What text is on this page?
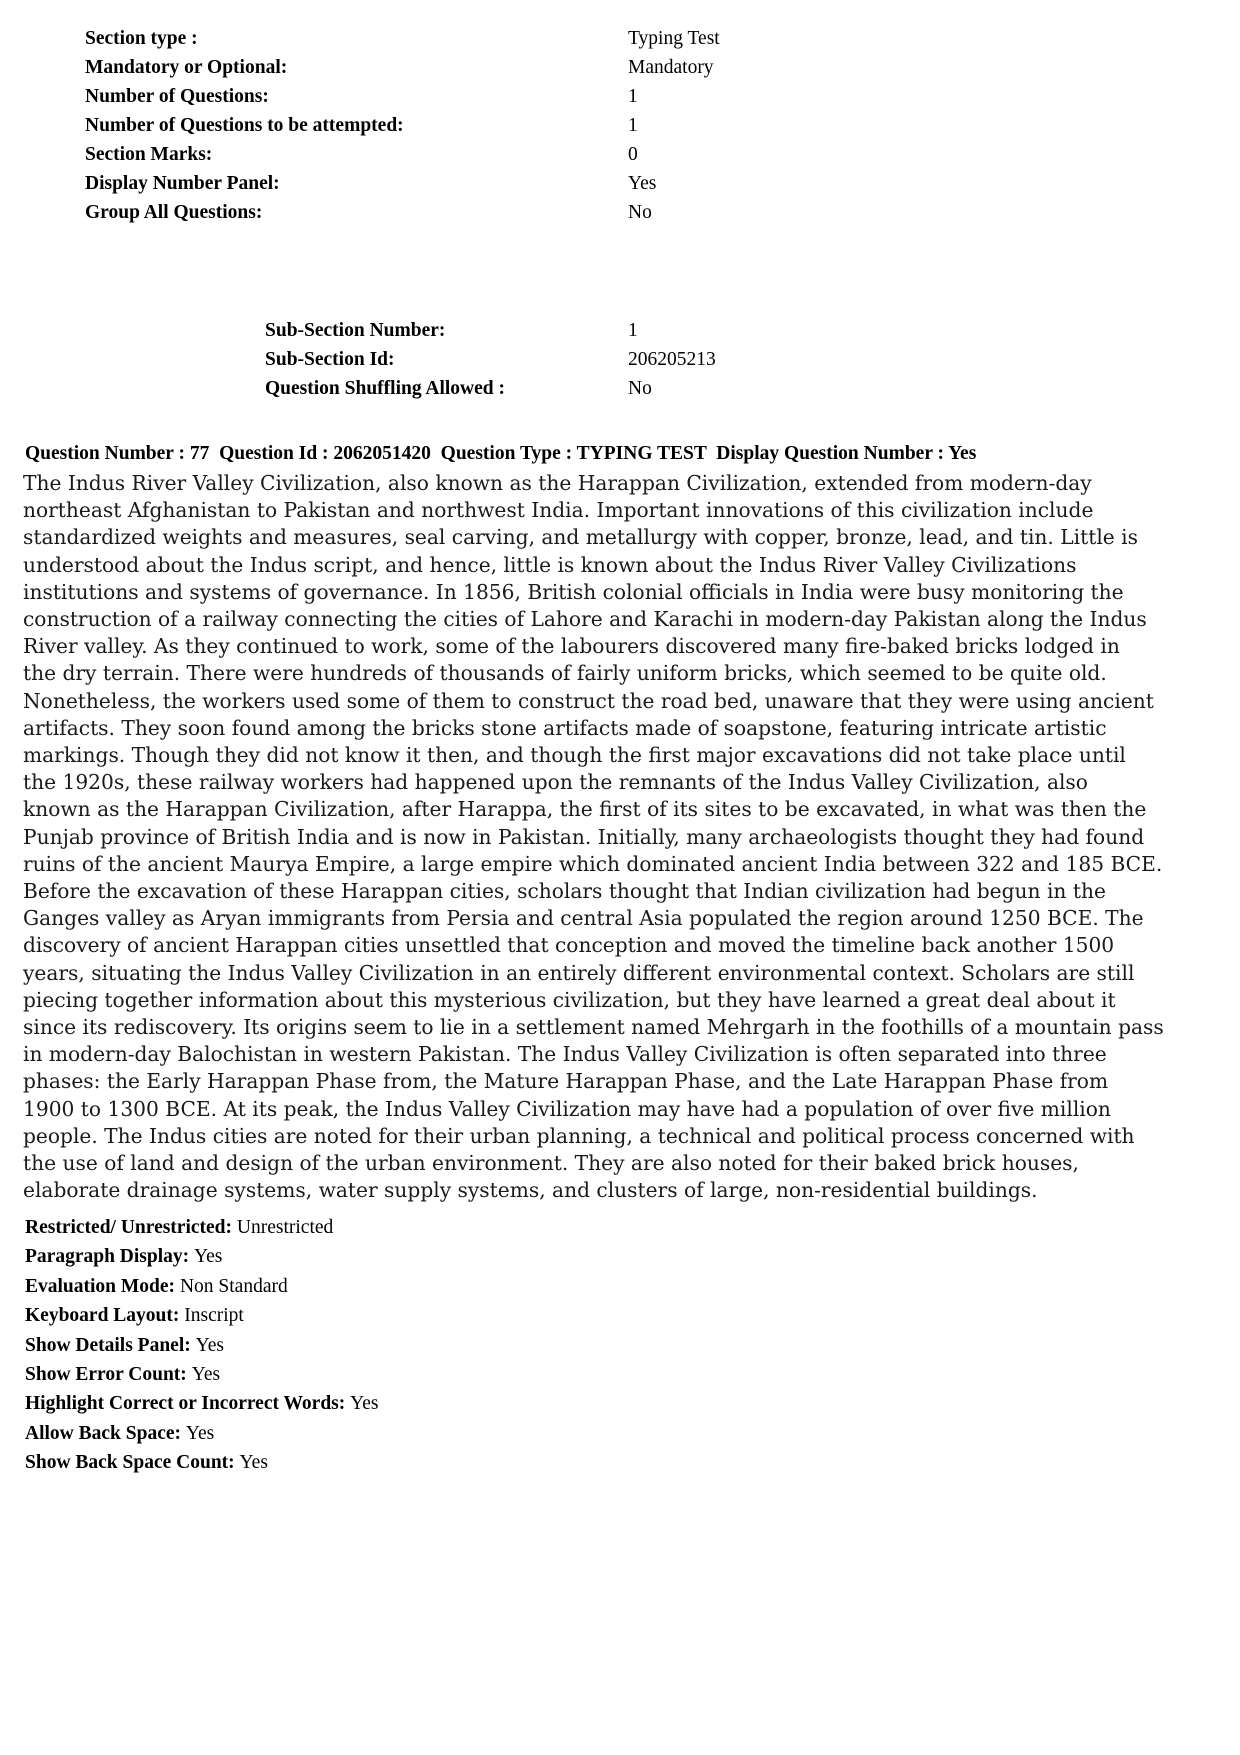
Section type :	Typing Test
Mandatory or Optional:	Mandatory
Number of Questions:	1
Number of Questions to be attempted:	1
Section Marks:	0
Display Number Panel:	Yes
Group All Questions:	No
Sub-Section Number:	1
Sub-Section Id:	206205213
Question Shuffling Allowed :	No
Question Number : 77  Question Id : 2062051420  Question Type : TYPING TEST  Display Question Number : Yes
The Indus River Valley Civilization, also known as the Harappan Civilization, extended from modern-day
northeast Afghanistan to Pakistan and northwest India. Important innovations of this civilization include
standardized weights and measures, seal carving, and metallurgy with copper, bronze, lead, and tin. Little is
understood about the Indus script, and hence, little is known about the Indus River Valley Civilizations
institutions and systems of governance. In 1856, British colonial officials in India were busy monitoring the
construction of a railway connecting the cities of Lahore and Karachi in modern-day Pakistan along the Indus
River valley. As they continued to work, some of the labourers discovered many fire-baked bricks lodged in
the dry terrain. There were hundreds of thousands of fairly uniform bricks, which seemed to be quite old.
Nonetheless, the workers used some of them to construct the road bed, unaware that they were using ancient
artifacts. They soon found among the bricks stone artifacts made of soapstone, featuring intricate artistic
markings. Though they did not know it then, and though the first major excavations did not take place until
the 1920s, these railway workers had happened upon the remnants of the Indus Valley Civilization, also
known as the Harappan Civilization, after Harappa, the first of its sites to be excavated, in what was then the
Punjab province of British India and is now in Pakistan. Initially, many archaeologists thought they had found
ruins of the ancient Maurya Empire, a large empire which dominated ancient India between 322 and 185 BCE.
Before the excavation of these Harappan cities, scholars thought that Indian civilization had begun in the
Ganges valley as Aryan immigrants from Persia and central Asia populated the region around 1250 BCE. The
discovery of ancient Harappan cities unsettled that conception and moved the timeline back another 1500
years, situating the Indus Valley Civilization in an entirely different environmental context. Scholars are still
piecing together information about this mysterious civilization, but they have learned a great deal about it
since its rediscovery. Its origins seem to lie in a settlement named Mehrgarh in the foothills of a mountain pass
in modern-day Balochistan in western Pakistan. The Indus Valley Civilization is often separated into three
phases: the Early Harappan Phase from, the Mature Harappan Phase, and the Late Harappan Phase from
1900 to 1300 BCE. At its peak, the Indus Valley Civilization may have had a population of over five million
people. The Indus cities are noted for their urban planning, a technical and political process concerned with
the use of land and design of the urban environment. They are also noted for their baked brick houses,
elaborate drainage systems, water supply systems, and clusters of large, non-residential buildings.
Restricted/ Unrestricted: Unrestricted
Paragraph Display: Yes
Evaluation Mode: Non Standard
Keyboard Layout: Inscript
Show Details Panel: Yes
Show Error Count: Yes
Highlight Correct or Incorrect Words: Yes
Allow Back Space: Yes
Show Back Space Count: Yes
